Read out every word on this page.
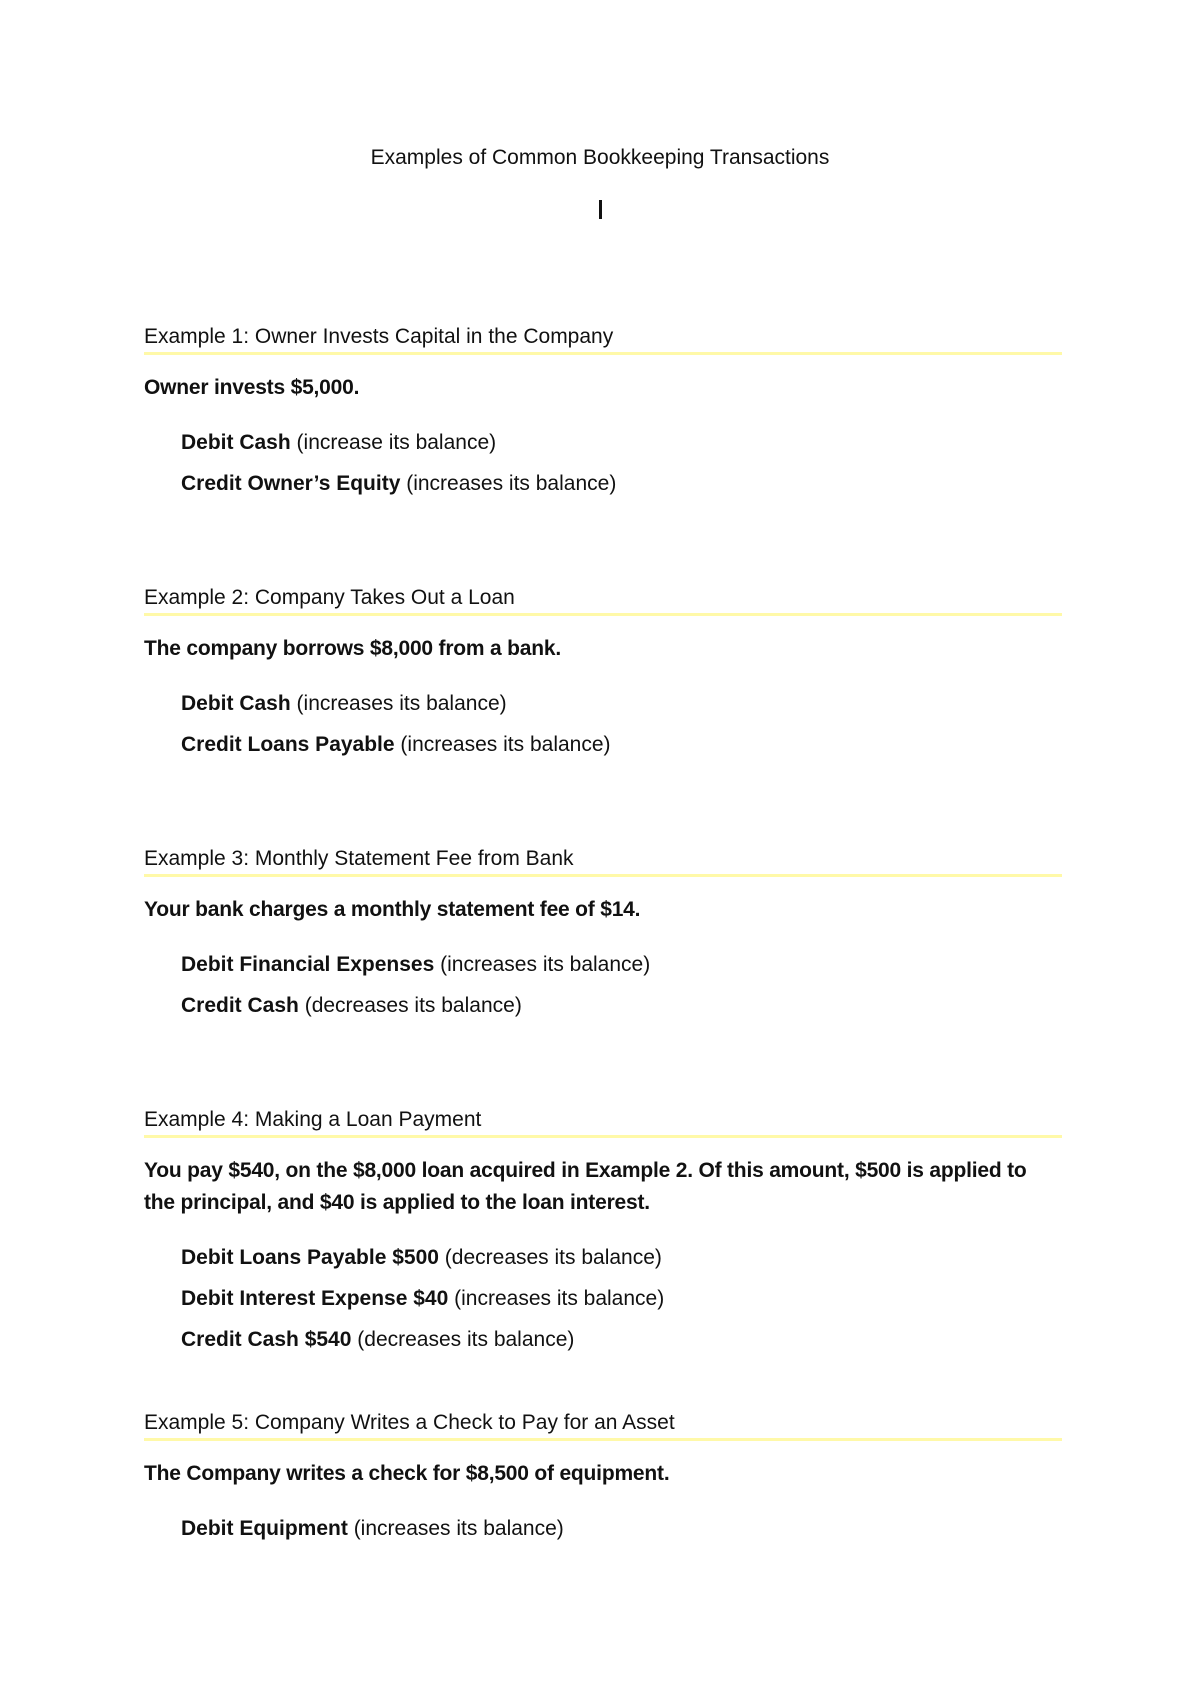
Examples of Common Bookkeeping Transactions
Example 1: Owner Invests Capital in the Company
Owner invests $5,000.
Debit Cash (increase its balance)
Credit Owner’s Equity (increases its balance)
Example 2: Company Takes Out a Loan
The company borrows $8,000 from a bank.
Debit Cash (increases its balance)
Credit Loans Payable (increases its balance)
Example 3: Monthly Statement Fee from Bank
Your bank charges a monthly statement fee of $14.
Debit Financial Expenses (increases its balance)
Credit Cash (decreases its balance)
Example 4: Making a Loan Payment
You pay $540, on the $8,000 loan acquired in Example 2. Of this amount, $500 is applied to the principal, and $40 is applied to the loan interest.
Debit Loans Payable $500 (decreases its balance)
Debit Interest Expense $40 (increases its balance)
Credit Cash $540 (decreases its balance)
Example 5: Company Writes a Check to Pay for an Asset
The Company writes a check for $8,500 of equipment.
Debit Equipment (increases its balance)
